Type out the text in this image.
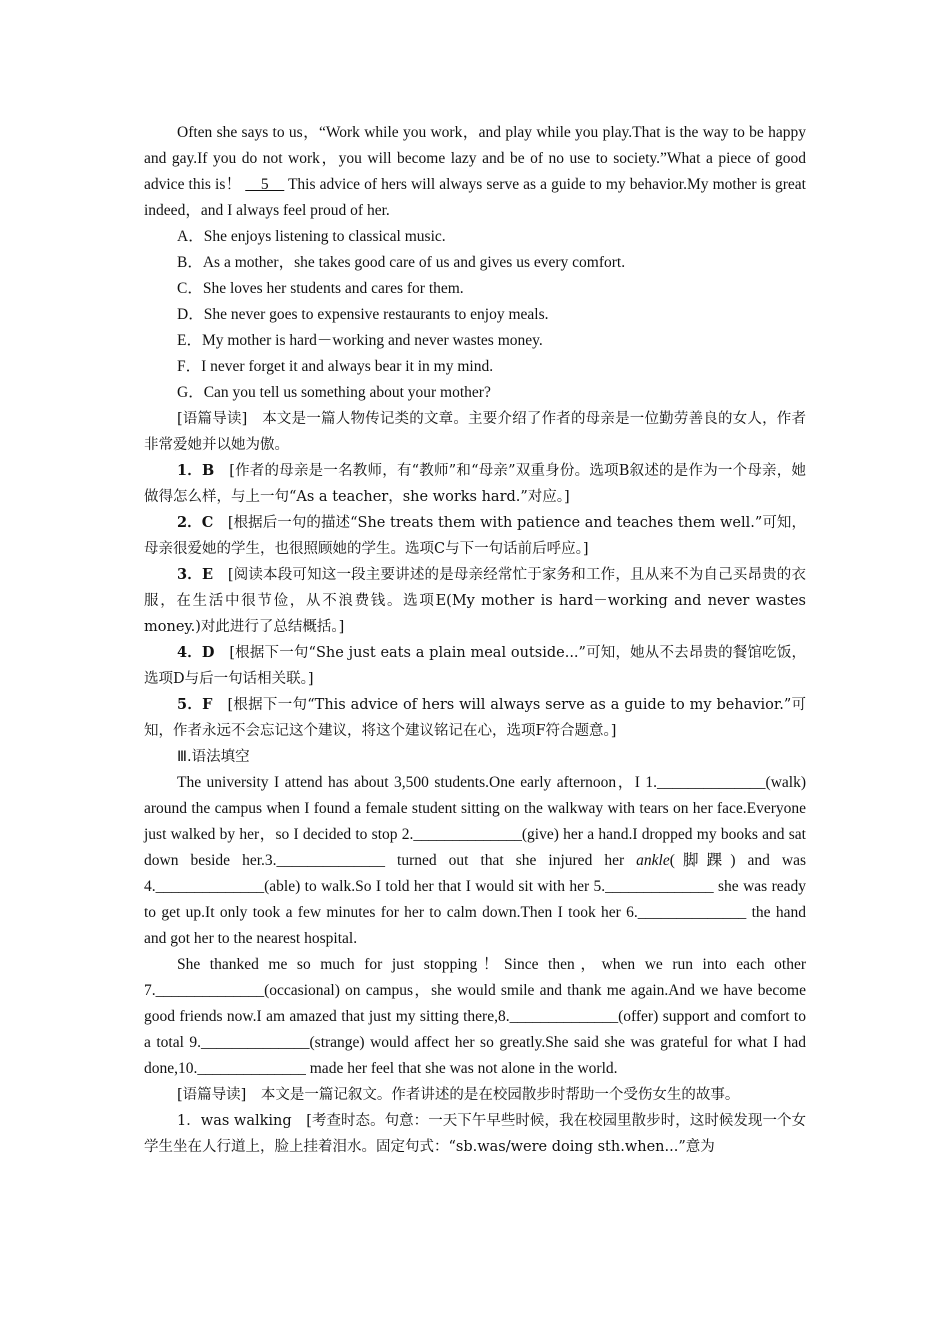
Often she says to us，“Work while you work，and play while you play.That is the way to be happy and gay.If you do not work，you will become lazy and be of no use to society.”What a piece of good advice this is！ __5__ This advice of hers will always serve as a guide to my behavior.My mother is great indeed，and I always feel proud of her.

A．She enjoys listening to classical music.

B．As a mother，she takes good care of us and gives us every comfort.

C．She loves her students and cares for them.

D．She never goes to expensive restaurants to enjoy meals.

E．My mother is hard－working and never wastes money.

F．I never forget it and always bear it in my mind.

G．Can you tell us something about your mother?

[语篇导读]　 本文是一篇人物传记类的文章。主要介绍了作者的母亲是一位勤劳善良的女人，作者非常爱她并以她为傲。

1．B　 [作者的母亲是一名教师，有“教师”和“母亲”双重身份。选项B叙述的是作为一个母亲，她做得怎么样，与上一句“As a teacher，she works hard.”对应。]

2．C　 [根据后一句的描述“She treats them with patience and teaches them well.”可知，母亲很爱她的学生，也很照顾她的学生。选项C与下一句话前后呼应。]

3．E　 [阅读本段可知这一段主要讲述的是母亲经常忙于家务和工作，且从来不为自己买昂贵的衣服，在生活中很节俭，从不浪费钱。选项E(My mother is hard－working and never wastes money.)对此进行了总结概括。]

4．D　 [根据下一句“She just eats a plain meal outside...”可知，她从不去昂贵的餐馆吃饭，选项D与后一句话相关联。]

5．F　 [根据下一句“This advice of hers will always serve as a guide to my behavior.”可知，作者永远不会忘记这个建议，将这个建议铭记在心，选项F符合题意。]

Ⅲ.语法填空

The university I attend has about 3,500 students.One early afternoon，I 1.______________(walk) around the campus when I found a female student sitting on the walkway with tears on her face.Everyone just walked by her，so I decided to stop 2.______________(give) her a hand.I dropped my books and sat down beside her.3.______________ turned out that she injured her ankle(脚踝) and was 4.______________(able) to walk.So I told her that I would sit with her 5.______________ she was ready to get up.It only took a few minutes for her to calm down.Then I took her 6.______________ the hand and got her to the nearest hospital.

She thanked me so much for just stopping！Since then，when we run into each other 7.______________(occasional) on campus，she would smile and thank me again.And we have become good friends now.I am amazed that just my sitting there,8.______________(offer) support and comfort to a total 9.______________(strange) would affect her so greatly.She said she was grateful for what I had done,10.______________ made her feel that she was not alone in the world.

[语篇导读]　 本文是一篇记叙文。作者讲述的是在校园散步时帮助一个受伤女生的故事。

1．was walking　 [考查时态。句意：一天下午早些时候，我在校园里散步时，这时候发现一个女学生坐在人行道上，脸上挂着泪水。固定句式：“sb.was/were doing sth.when...”意为
